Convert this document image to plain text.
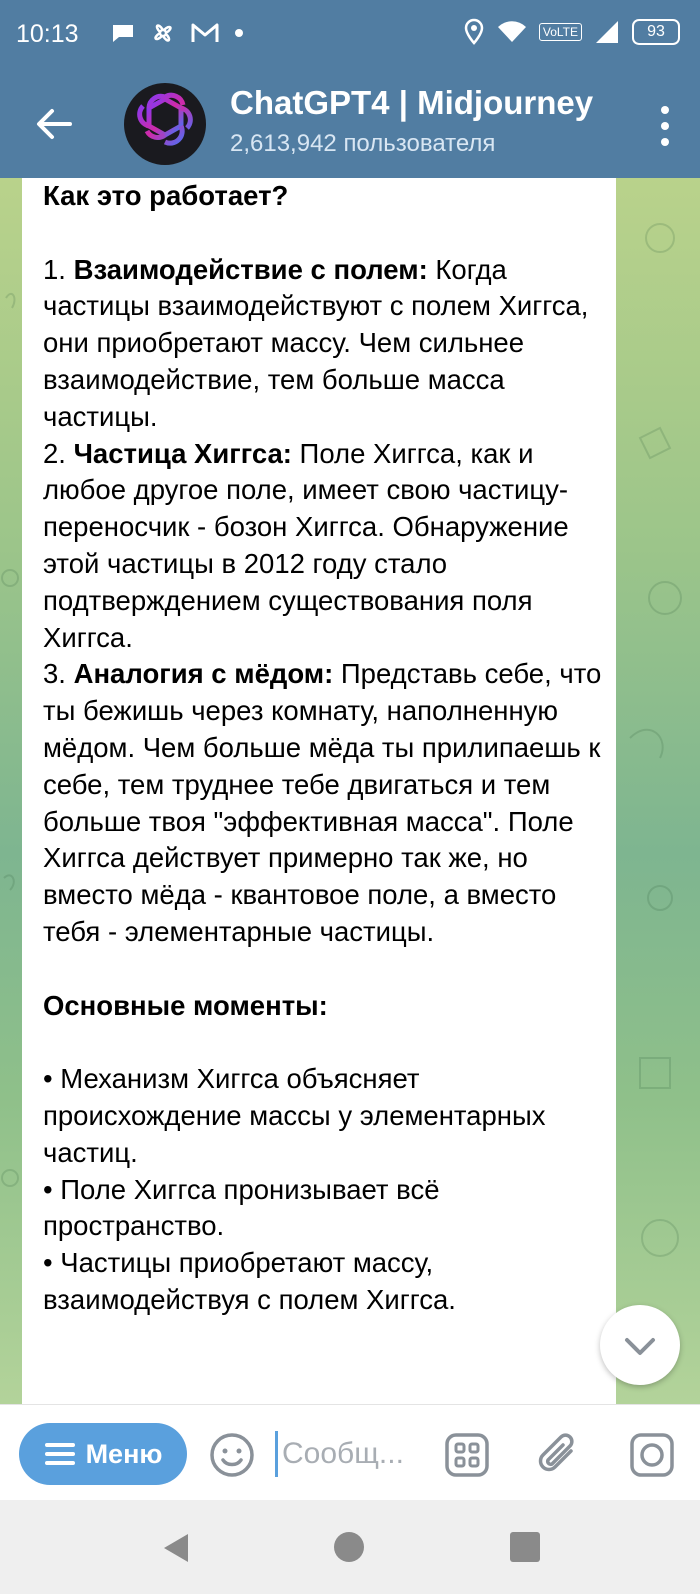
10:13	VoLTE	93
ChatGPT4 | Midjourney
2,613,942 пользователя

Как это работает?

1. Взаимодействие с полем: Когда частицы взаимодействуют с полем Хиггса, они приобретают массу. Чем сильнее взаимодействие, тем больше масса частицы.

2. Частица Хиггса: Поле Хиггса, как и любое другое поле, имеет свою частицу-переносчик - бозон Хиггса. Обнаружение этой частицы в 2012 году стало подтверждением существования поля Хиггса.

3. Аналогия с мёдом: Представь себе, что ты бежишь через комнату, наполненную мёдом. Чем больше мёда ты прилипаешь к себе, тем труднее тебе двигаться и тем больше твоя "эффективная масса". Поле Хиггса действует примерно так же, но вместо мёда - квантовое поле, а вместо тебя - элементарные частицы.

Основные моменты:

• Механизм Хиггса объясняет происхождение массы у элементарных частиц.

• Поле Хиггса пронизывает всё пространство.

• Частицы приобретают массу, взаимодействуя с полем Хиггса.

Меню
Сообщ...
